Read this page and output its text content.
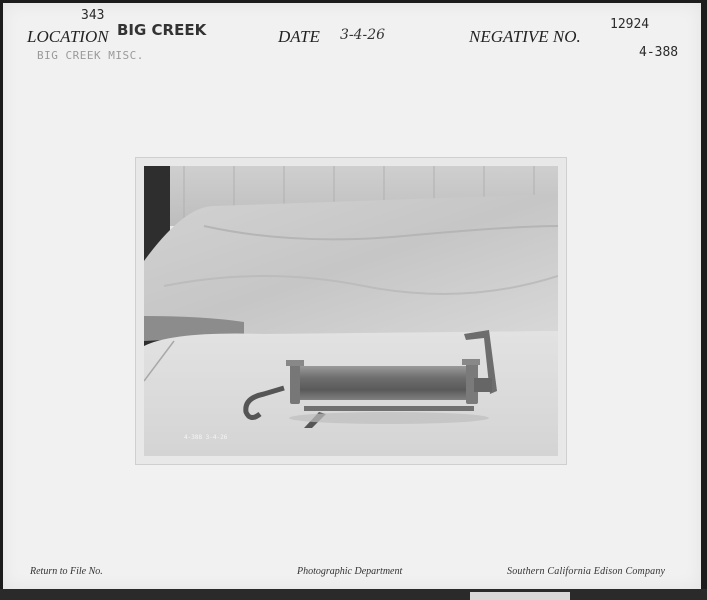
LOCATION
343
BIG CREEK
BIG CREEK MISC.
DATE 3-4-26	NEGATIVE NO.
12924
4-388
4-388 3-4-26
Return to File No.	Photographic Department	Southern California Edison Company
